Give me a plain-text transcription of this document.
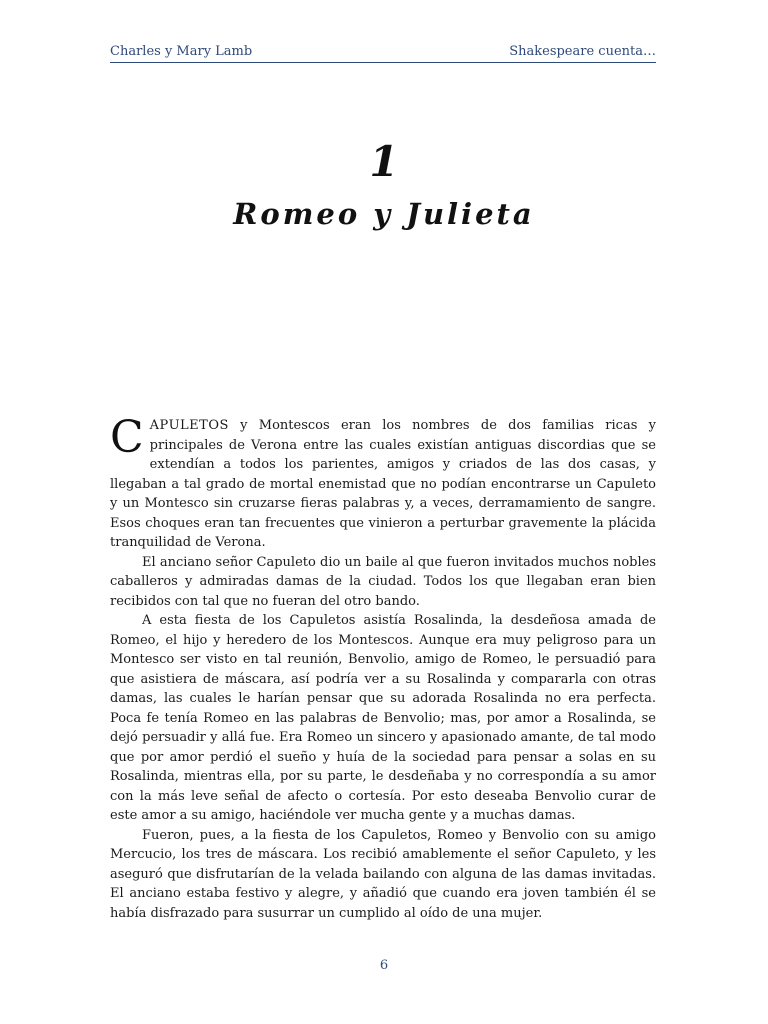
Charles y Mary Lamb	Shakespeare cuenta…
1
Romeo y Julieta

CAPULETOS y Montescos eran los nombres de dos familias ricas y principales de Verona entre las cuales existían antiguas discordias que se extendían a todos los parientes, amigos y criados de las dos casas, y llegaban a tal grado de mortal enemistad que no podían encontrarse un Capuleto y un Montesco sin cruzarse fieras palabras y, a veces, derramamiento de sangre. Esos choques eran tan frecuentes que vinieron a perturbar gravemente la plácida tranquilidad de Verona.

El anciano señor Capuleto dio un baile al que fueron invitados muchos nobles caballeros y admiradas damas de la ciudad. Todos los que llegaban eran bien recibidos con tal que no fueran del otro bando.

A esta fiesta de los Capuletos asistía Rosalinda, la desdeñosa amada de Romeo, el hijo y heredero de los Montescos. Aunque era muy peligroso para un Montesco ser visto en tal reunión, Benvolio, amigo de Romeo, le persuadió para que asistiera de máscara, así podría ver a su Rosalinda y compararla con otras damas, las cuales le harían pensar que su adorada Rosalinda no era perfecta. Poca fe tenía Romeo en las palabras de Benvolio; mas, por amor a Rosalinda, se dejó persuadir y allá fue. Era Romeo un sincero y apasionado amante, de tal modo que por amor perdió el sueño y huía de la sociedad para pensar a solas en su Rosalinda, mientras ella, por su parte, le desdeñaba y no correspondía a su amor con la más leve señal de afecto o cortesía. Por esto deseaba Benvolio curar de este amor a su amigo, haciéndole ver mucha gente y a muchas damas.

Fueron, pues, a la fiesta de los Capuletos, Romeo y Benvolio con su amigo Mercucio, los tres de máscara. Los recibió amablemente el señor Capuleto, y les aseguró que disfrutarían de la velada bailando con alguna de las damas invitadas. El anciano estaba festivo y alegre, y añadió que cuando era joven también él se había disfrazado para susurrar un cumplido al oído de una mujer.

6
